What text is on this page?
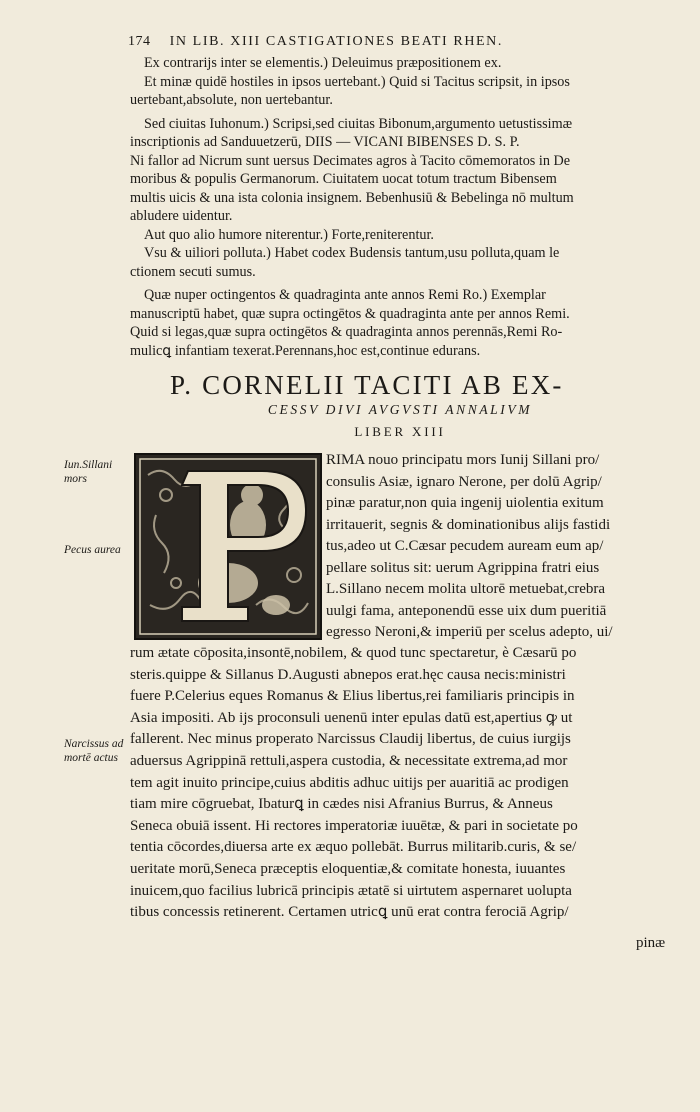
174 IN LIB. XIII CASTIGATIONES BEATI RHEN.
Ex contrarijs inter se elementis.) Deleuimus præpositionem ex.
Et minæ quidē hostiles in ipsos uertebant.) Quid si Tacitus scripsit, in ipsos
uertebant,absolute, non uertebantur.
Sed ciuitas Iuhonum.) Scripsi,sed ciuitas Bibonum,argumento uetustissimæ
inscriptionis ad Sanduuetzerū, DIIS — VICANI BIBENSES D. S. P.
Ni fallor ad Nicrum sunt uersus Decimates agros à Tacito cōmemoratos in De
moribus & populis Germanorum. Ciuitatem uocat totum tractum Bibensem
multis uicis & una ista colonia insignem. Bebenhusiū & Bebelinga nō multum
abludere uidentur.
Aut quo alio humore niterentur.) Forte,reniterentur.
Vsu & uiliori polluta.) Habet codex Budensis tantum,usu polluta,quam le
ctionem secuti sumus.
Quæ nuper octingentos & quadraginta ante annos Remi Ro.) Exemplar
manuscriptū habet, quæ supra octingētos & quadraginta ante per annos Remi.
Quid si legas,quæ supra octingētos & quadraginta annos perennās,Remi Ro-
mulicꝗ infantiam texerat.Perennans,hoc est,continue edurans.
P. CORNELII TACITI AB EX-
CESSV DIVI AVGVSTI ANNALIVM
LIBER XIII
Iun.Sillani mors
Pecus aurea
Narcissus ad mortē actus
RIMA nouo principatu mors Iunij Sillani pro/
consulis Asiæ, ignaro Nerone, per dolū Agrip/
pinæ paratur,non quia ingenij uiolentia exitum
irritauerit, segnis & dominationibus alijs fastidi
tus,adeo ut C.Cæsar pecudem auream eum ap/
pellare solitus sit: uerum Agrippina fratri eius
L.Sillano necem molita ultorē metuebat,crebra
uulgi fama, anteponendū esse uix dum pueritiā
egresso Neroni,& imperiū per scelus adepto, ui/
rum ætate cōposita,insontē,nobilem, & quod tunc spectaretur, è Cæsarū po
steris.quippe & Sillanus D.Augusti abnepos erat.hęc causa necis:ministri
fuere P.Celerius eques Romanus & Elius libertus,rei familiaris principis in
Asia impositi. Ab ijs proconsuli uenenū inter epulas datū est,apertius ꝙ ut
fallerent. Nec minus properato Narcissus Claudij libertus, de cuius iurgijs
aduersus Agrippinā rettuli,aspera custodia, & necessitate extrema,ad mor
tem agit inuito principe,cuius abditis adhuc uitijs per auaritiā ac prodigen
tiam mire cōgruebat, Ibaturꝗ in cædes nisi Afranius Burrus, & Anneus
Seneca obuiā issent. Hi rectores imperatoriæ iuuētæ, & pari in societate po
tentia cōcordes,diuersa arte ex æquo pollebāt. Burrus militarib.curis, & se/
ueritate morū,Seneca præceptis eloquentiæ,& comitate honesta, iuuantes
inuicem,quo facilius lubricā principis ætatē si uirtutem aspernaret uolupta
tibus concessis retinerent. Certamen utricꝗ unū erat contra ferociā Agrip/
pinæ
